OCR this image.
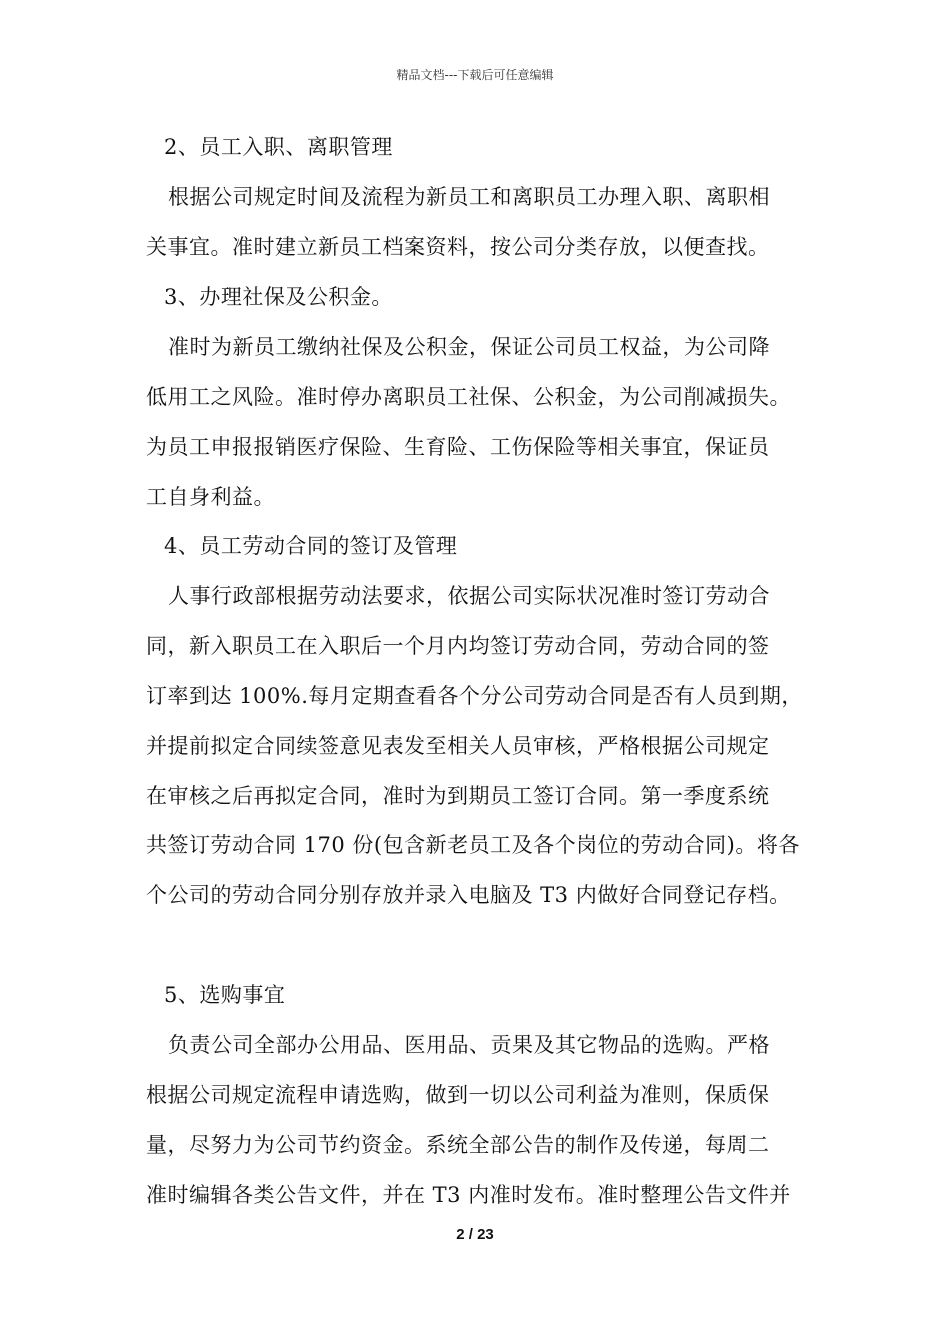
精品文档---下载后可任意编辑
2、员工入职、离职管理
根据公司规定时间及流程为新员工和离职员工办理入职、离职相
关事宜。准时建立新员工档案资料，按公司分类存放，以便查找。
3、办理社保及公积金。
准时为新员工缴纳社保及公积金，保证公司员工权益，为公司降
低用工之风险。准时停办离职员工社保、公积金，为公司削减损失。
为员工申报报销医疗保险、生育险、工伤保险等相关事宜，保证员
工自身利益。
4、员工劳动合同的签订及管理
人事行政部根据劳动法要求，依据公司实际状况准时签订劳动合
同，新入职员工在入职后一个月内均签订劳动合同，劳动合同的签
订率到达 100%.每月定期查看各个分公司劳动合同是否有人员到期，
并提前拟定合同续签意见表发至相关人员审核，严格根据公司规定
在审核之后再拟定合同，准时为到期员工签订合同。第一季度系统
共签订劳动合同 170 份(包含新老员工及各个岗位的劳动合同)。将各
个公司的劳动合同分别存放并录入电脑及 T3 内做好合同登记存档。
5、选购事宜
负责公司全部办公用品、医用品、贡果及其它物品的选购。严格
根据公司规定流程申请选购，做到一切以公司利益为准则，保质保
量，尽努力为公司节约资金。系统全部公告的制作及传递，每周二
准时编辑各类公告文件，并在 T3 内准时发布。准时整理公告文件并
2 / 23
